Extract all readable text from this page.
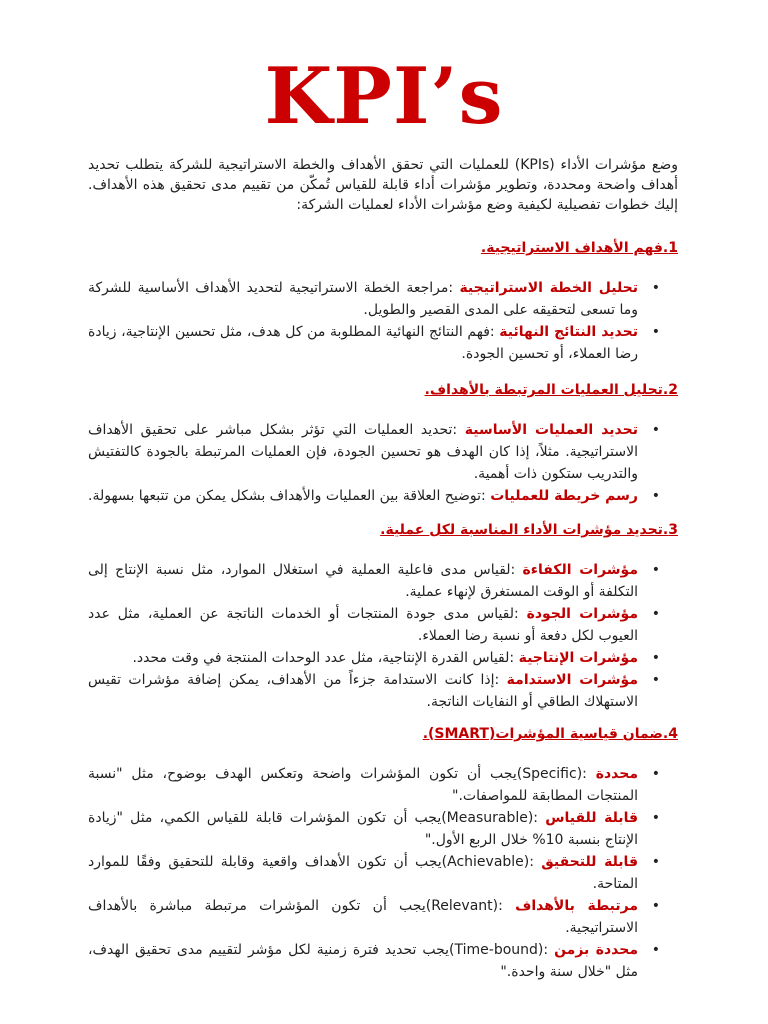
KPI’s

وضع مؤشرات الأداء (KPIs) للعمليات التي تحقق الأهداف والخطة الاستراتيجية للشركة يتطلب تحديد أهداف واضحة ومحددة، وتطوير مؤشرات أداء قابلة للقياس تُمكّن من تقييم مدى تحقيق هذه الأهداف. إليك خطوات تفصيلية لكيفية وضع مؤشرات الأداء لعمليات الشركة:

1.فهم الأهداف الاستراتيجية.
•
تحليل الخطة الاستراتيجية :مراجعة الخطة الاستراتيجية لتحديد الأهداف الأساسية للشركة وما تسعى لتحقيقه على المدى القصير والطويل.
•
تحديد النتائج النهائية :فهم النتائج النهائية المطلوبة من كل هدف، مثل تحسين الإنتاجية، زيادة رضا العملاء، أو تحسين الجودة.
2.تحليل العمليات المرتبطة بالأهداف.
•
تحديد العمليات الأساسية :تحديد العمليات التي تؤثر بشكل مباشر على تحقيق الأهداف الاستراتيجية. مثلاً، إذا كان الهدف هو تحسين الجودة، فإن العمليات المرتبطة بالجودة كالتفتيش والتدريب ستكون ذات أهمية.
•
رسم خريطة للعمليات :توضيح العلاقة بين العمليات والأهداف بشكل يمكن من تتبعها بسهولة.
3.تحديد مؤشرات الأداء المناسبة لكل عملية.
•
مؤشرات الكفاءة :لقياس مدى فاعلية العملية في استغلال الموارد، مثل نسبة الإنتاج إلى التكلفة أو الوقت المستغرق لإنهاء عملية.
•
مؤشرات الجودة :لقياس مدى جودة المنتجات أو الخدمات الناتجة عن العملية، مثل عدد العيوب لكل دفعة أو نسبة رضا العملاء.
•
مؤشرات الإنتاجية :لقياس القدرة الإنتاجية، مثل عدد الوحدات المنتجة في وقت محدد.
•
مؤشرات الاستدامة :إذا كانت الاستدامة جزءاً من الأهداف، يمكن إضافة مؤشرات تقيس الاستهلاك الطاقي أو النفايات الناتجة.
4.ضمان قياسية المؤشرات(SMART).
•
محددة :(Specific)يجب أن تكون المؤشرات واضحة وتعكس الهدف بوضوح، مثل "نسبة المنتجات المطابقة للمواصفات."
•
قابلة للقياس :(Measurable)يجب أن تكون المؤشرات قابلة للقياس الكمي، مثل "زيادة الإنتاج بنسبة 10% خلال الربع الأول."
•
قابلة للتحقيق :(Achievable)يجب أن تكون الأهداف واقعية وقابلة للتحقيق وفقًا للموارد المتاحة.
•
مرتبطة بالأهداف :(Relevant)يجب أن تكون المؤشرات مرتبطة مباشرة بالأهداف الاستراتيجية.
•
محددة بزمن :(Time-bound)يجب تحديد فترة زمنية لكل مؤشر لتقييم مدى تحقيق الهدف، مثل "خلال سنة واحدة."
